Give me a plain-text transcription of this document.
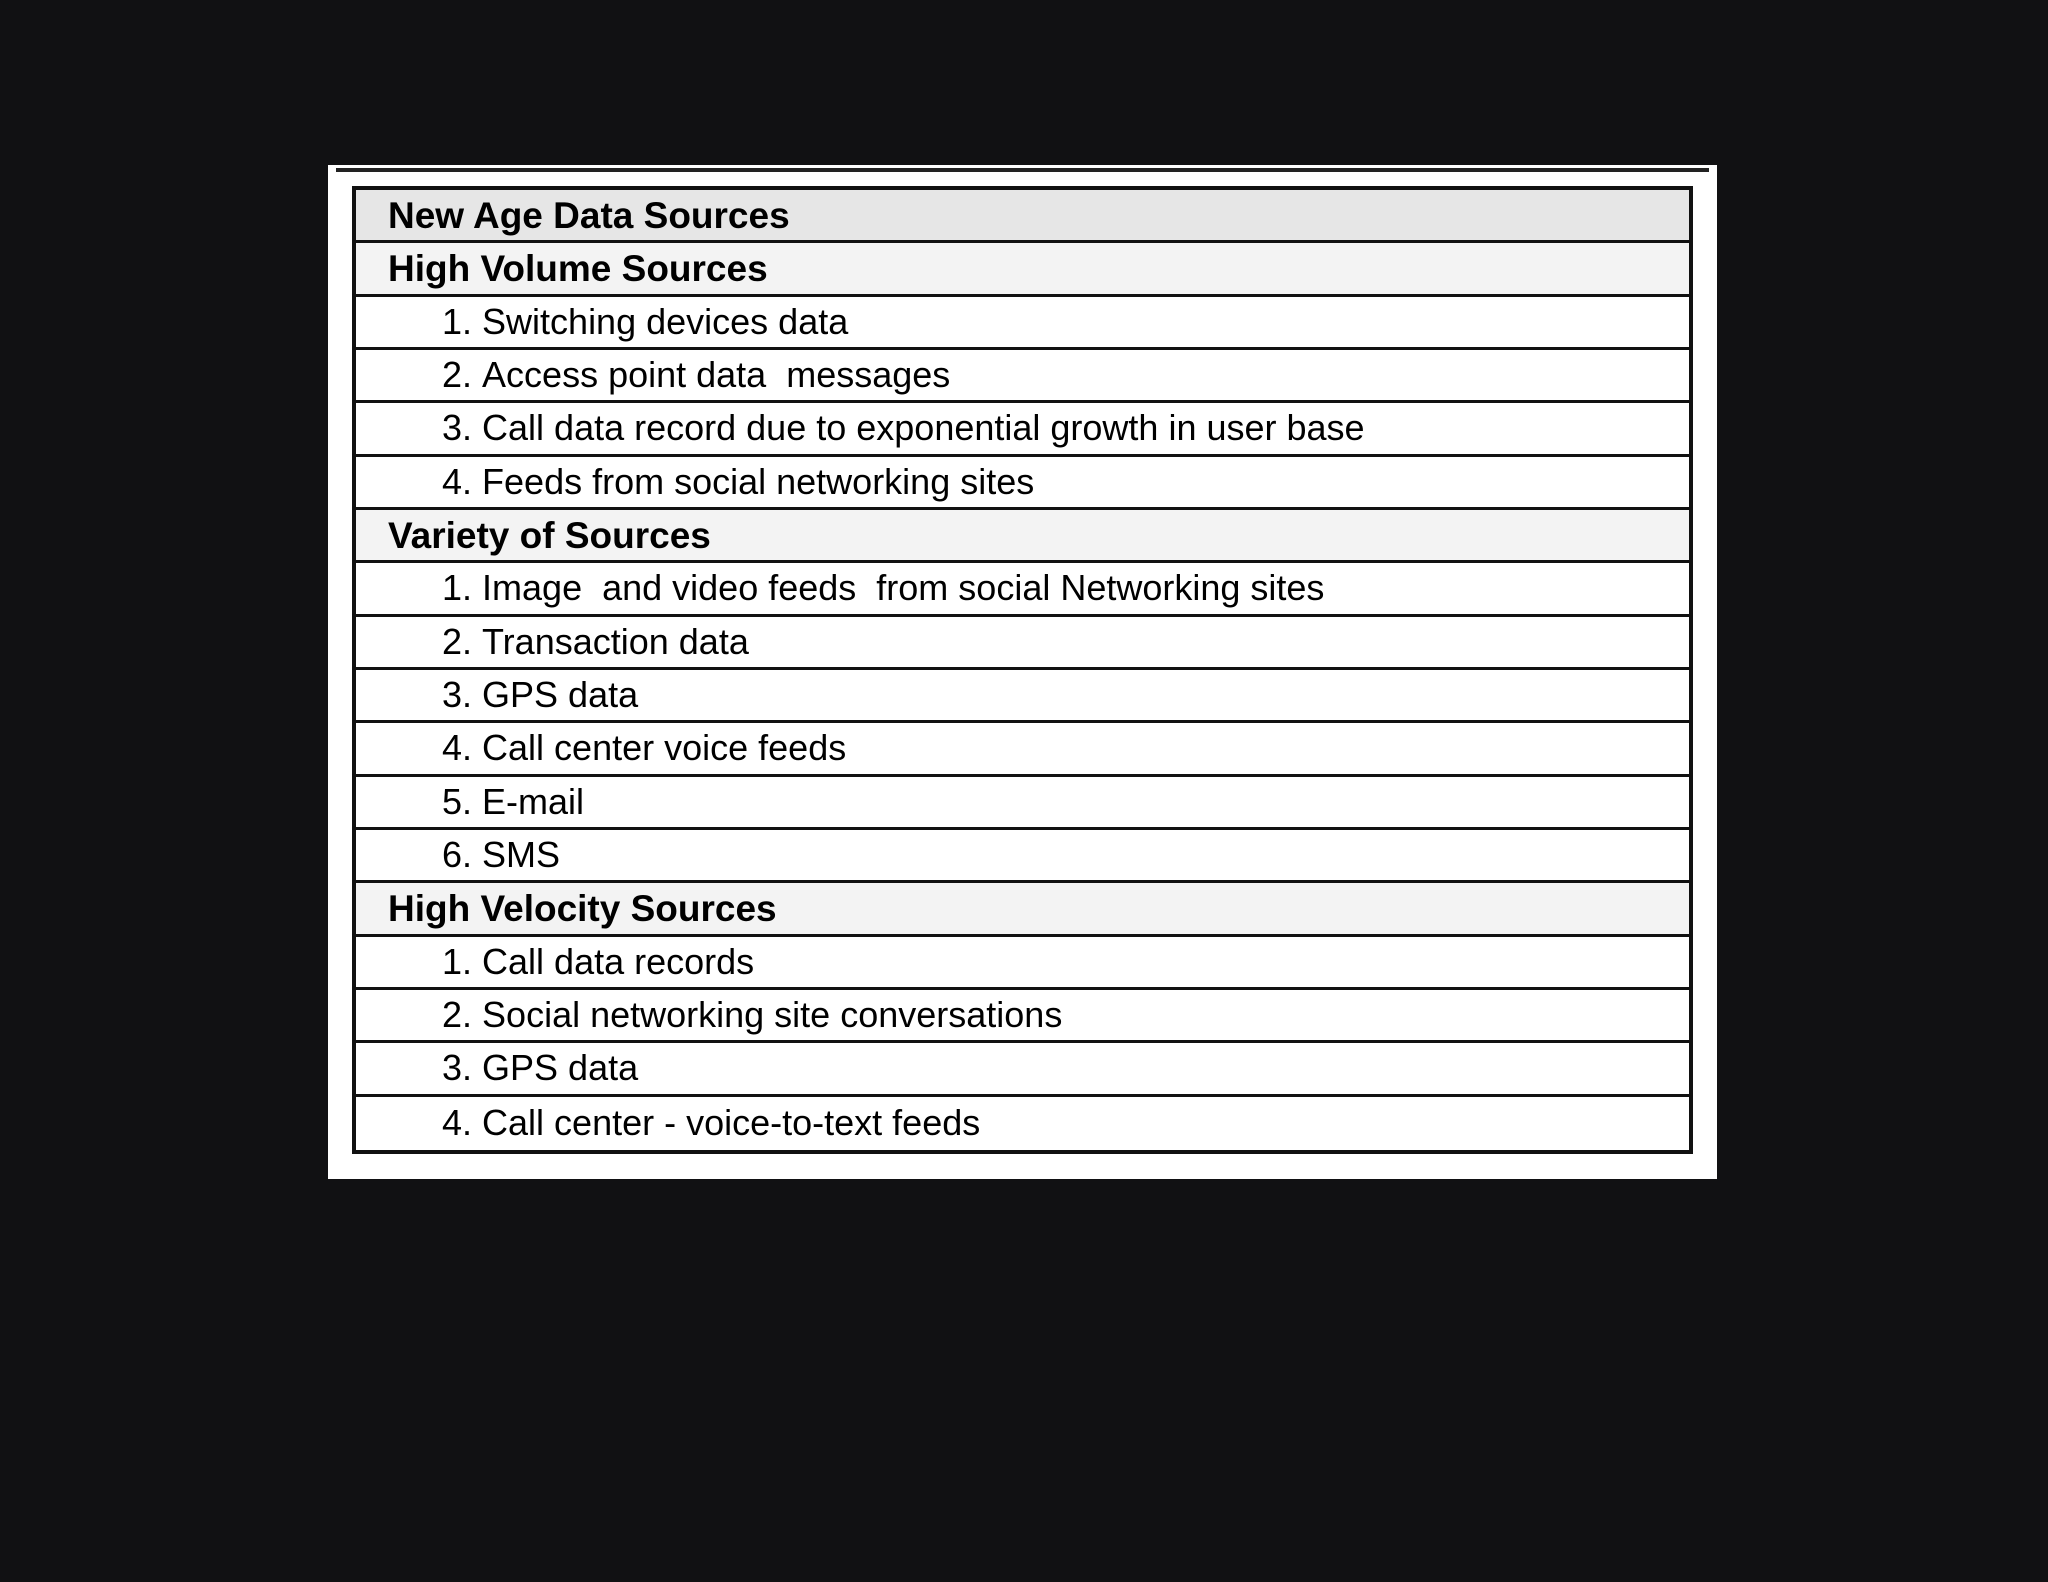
New Age Data Sources
High Volume Sources
1. Switching devices data
2. Access point data  messages
3. Call data record due to exponential growth in user base
4. Feeds from social networking sites
Variety of Sources
1. Image  and video feeds  from social Networking sites
2. Transaction data
3. GPS data
4. Call center voice feeds
5. E-mail
6. SMS
High Velocity Sources
1. Call data records
2. Social networking site conversations
3. GPS data
4. Call center - voice-to-text feeds
